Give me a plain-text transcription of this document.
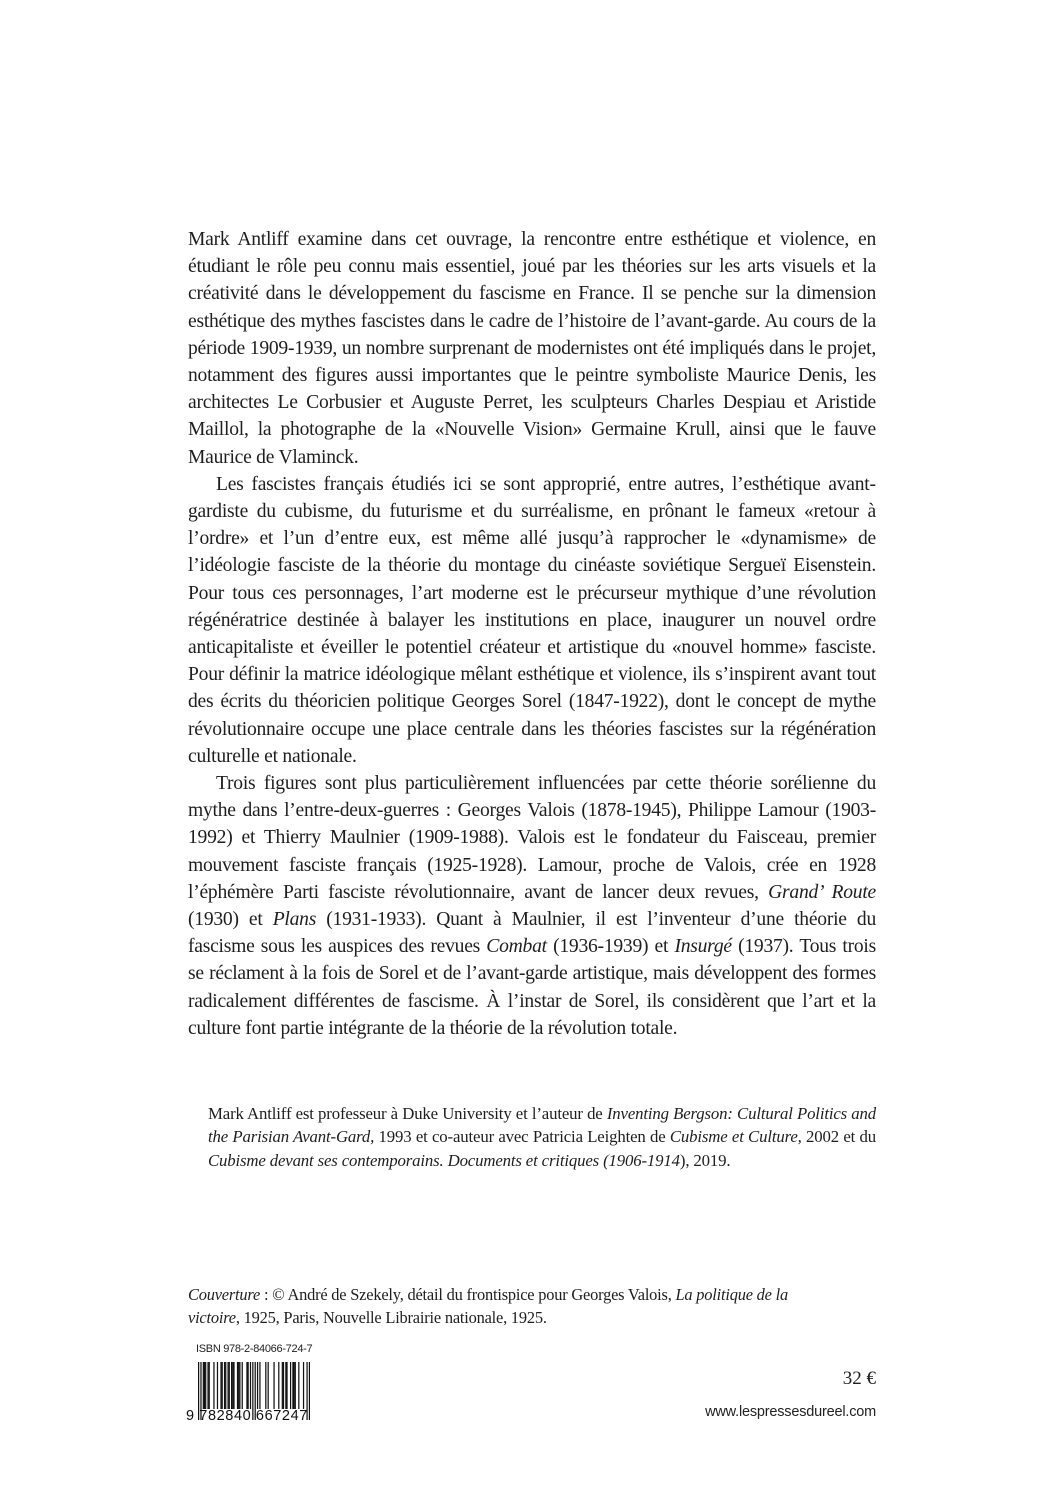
Mark Antliff examine dans cet ouvrage, la rencontre entre esthétique et violence, en étudiant le rôle peu connu mais essentiel, joué par les théories sur les arts visuels et la créativité dans le développement du fascisme en France. Il se penche sur la dimension esthétique des mythes fascistes dans le cadre de l’histoire de l’avant-garde. Au cours de la période 1909-1939, un nombre surprenant de modernistes ont été impliqués dans le projet, notamment des figures aussi importantes que le peintre symboliste Maurice Denis, les architectes Le Corbusier et Auguste Perret, les sculpteurs Charles Despiau et Aristide Maillol, la photographe de la «Nouvelle Vision» Germaine Krull, ainsi que le fauve Maurice de Vlaminck.

Les fascistes français étudiés ici se sont approprié, entre autres, l’esthétique avantgardiste du cubisme, du futurisme et du surréalisme, en prônant le fameux «retour à l’ordre» et l’un d’entre eux, est même allé jusqu’à rapprocher le «dynamisme» de l’idéologie fasciste de la théorie du montage du cinéaste soviétique Sergueï Eisenstein. Pour tous ces personnages, l’art moderne est le précurseur mythique d’une révolution régénératrice destinée à balayer les institutions en place, inaugurer un nouvel ordre anticapitaliste et éveiller le potentiel créateur et artistique du «nouvel homme» fasciste. Pour définir la matrice idéologique mêlant esthétique et violence, ils s’inspirent avant tout des écrits du théoricien politique Georges Sorel (1847-1922), dont le concept de mythe révolutionnaire occupe une place centrale dans les théories fascistes sur la régénération culturelle et nationale.

Trois figures sont plus particulièrement influencées par cette théorie sorélienne du mythe dans l’entre-deux-guerres : Georges Valois (1878-1945), Philippe Lamour (1903-1992) et Thierry Maulnier (1909-1988). Valois est le fondateur du Faisceau, premier mouvement fasciste français (1925-1928). Lamour, proche de Valois, crée en 1928 l’éphémère Parti fasciste révolutionnaire, avant de lancer deux revues, Grand’ Route (1930) et Plans (1931-1933). Quant à Maulnier, il est l’inventeur d’une théorie du fascisme sous les auspices des revues Combat (1936-1939) et Insurgé (1937). Tous trois se réclament à la fois de Sorel et de l’avant-garde artistique, mais développent des formes radicalement différentes de fascisme. À l’instar de Sorel, ils considèrent que l’art et la culture font partie intégrante de la théorie de la révolution totale.

Mark Antliff est professeur à Duke University et l’auteur de Inventing Bergson: Cultural Politics and the Parisian Avant-Gard, 1993 et co-auteur avec Patricia Leighten de Cubisme et Culture, 2002 et du Cubisme devant ses contemporains. Documents et critiques (1906-1914), 2019.

Couverture : © André de Szekely, détail du frontispice pour Georges Valois, La politique de la victoire, 1925, Paris, Nouvelle Librairie nationale, 1925.

ISBN 978-2-84066-724-7
9 782840 667247
32 €
www.lespressesdureel.com
